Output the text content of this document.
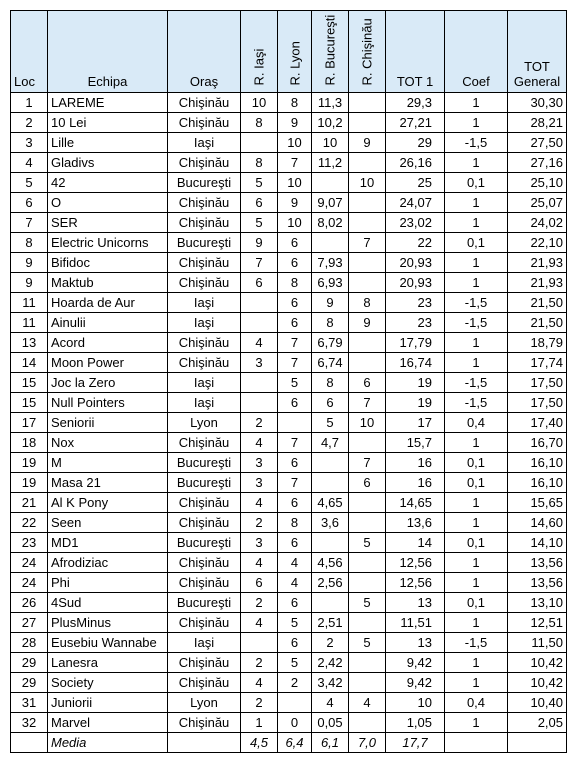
Loc	Echipa	Oraş	R. Iaşi	R. Lyon	R. Bucureşti	R. Chişinău	TOT 1	Coef	TOT General
1	LAREME	Chişinău	10	8	11,3		29,3	1	30,30
2	10 Lei	Chişinău	8	9	10,2		27,21	1	28,21
3	Lille	Iaşi		10	10	9	29	-1,5	27,50
4	Gladivs	Chişinău	8	7	11,2		26,16	1	27,16
5	42	Bucureşti	5	10		10	25	0,1	25,10
6	O	Chişinău	6	9	9,07		24,07	1	25,07
7	SER	Chişinău	5	10	8,02		23,02	1	24,02
8	Electric Unicorns	Bucureşti	9	6		7	22	0,1	22,10
9	Bifidoc	Chişinău	7	6	7,93		20,93	1	21,93
9	Maktub	Chişinău	6	8	6,93		20,93	1	21,93
11	Hoarda de Aur	Iaşi		6	9	8	23	-1,5	21,50
11	Ainulii	Iaşi		6	8	9	23	-1,5	21,50
13	Acord	Chişinău	4	7	6,79		17,79	1	18,79
14	Moon Power	Chişinău	3	7	6,74		16,74	1	17,74
15	Joc la Zero	Iaşi		5	8	6	19	-1,5	17,50
15	Null Pointers	Iaşi		6	6	7	19	-1,5	17,50
17	Seniorii	Lyon	2		5	10	17	0,4	17,40
18	Nox	Chişinău	4	7	4,7		15,7	1	16,70
19	M	Bucureşti	3	6		7	16	0,1	16,10
19	Masa 21	Bucureşti	3	7		6	16	0,1	16,10
21	Al K Pony	Chişinău	4	6	4,65		14,65	1	15,65
22	Seen	Chişinău	2	8	3,6		13,6	1	14,60
23	MD1	Bucureşti	3	6		5	14	0,1	14,10
24	Afrodiziac	Chişinău	4	4	4,56		12,56	1	13,56
24	Phi	Chişinău	6	4	2,56		12,56	1	13,56
26	4Sud	Bucureşti	2	6		5	13	0,1	13,10
27	PlusMinus	Chişinău	4	5	2,51		11,51	1	12,51
28	Eusebiu Wannabe	Iaşi		6	2	5	13	-1,5	11,50
29	Lanesra	Chişinău	2	5	2,42		9,42	1	10,42
29	Society	Chişinău	4	2	3,42		9,42	1	10,42
31	Juniorii	Lyon	2		4	4	10	0,4	10,40
32	Marvel	Chişinău	1	0	0,05		1,05	1	2,05
	Media		4,5	6,4	6,1	7,0	17,7		
